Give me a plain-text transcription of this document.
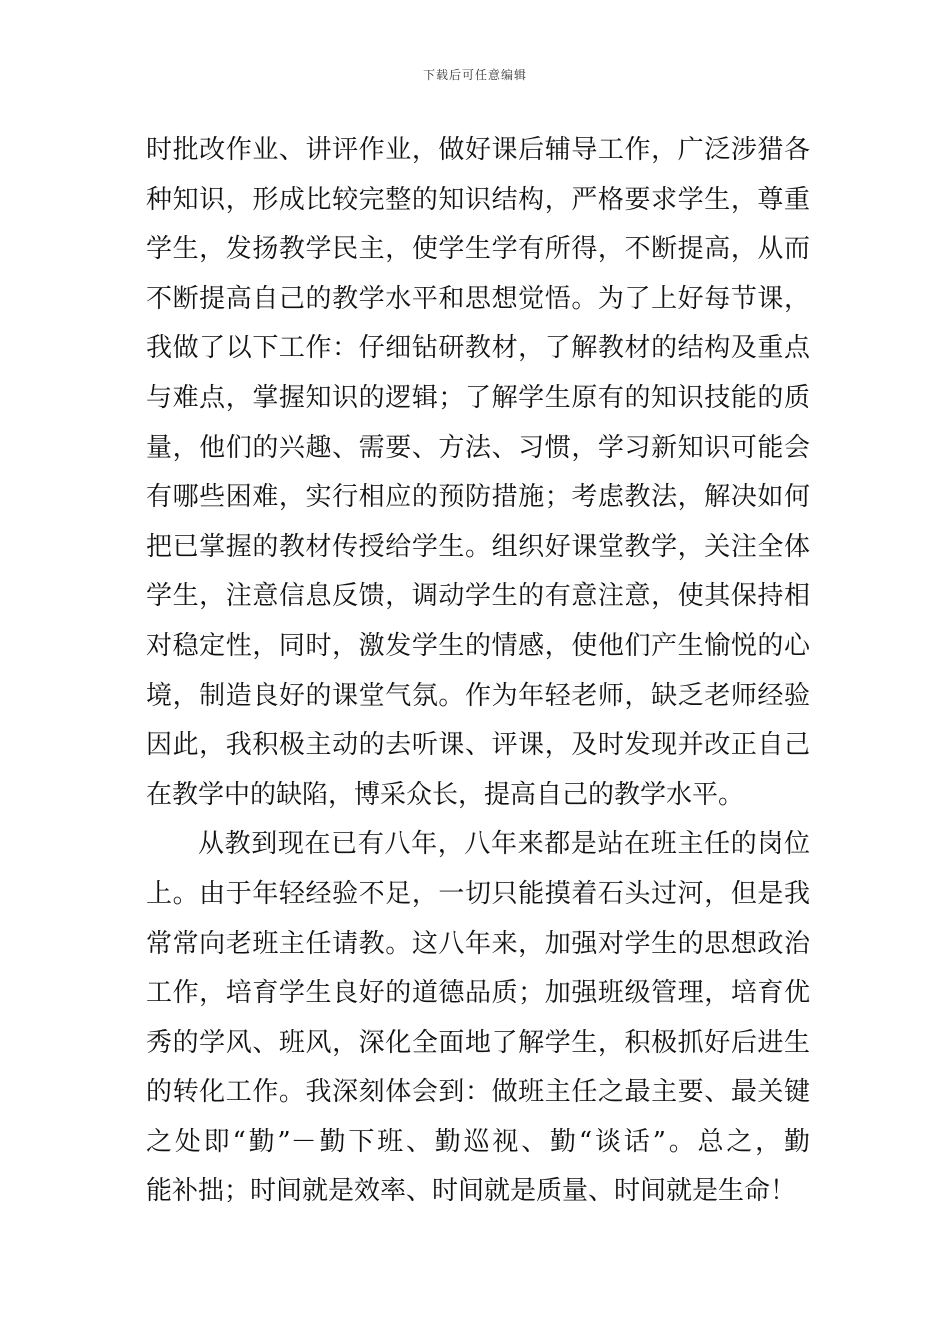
下载后可任意编辑
时批改作业、讲评作业，做好课后辅导工作，广泛涉猎各
种知识，形成比较完整的知识结构，严格要求学生，尊重
学生，发扬教学民主，使学生学有所得，不断提高，从而
不断提高自己的教学水平和思想觉悟。为了上好每节课，
我做了以下工作：仔细钻研教材，了解教材的结构及重点
与难点，掌握知识的逻辑；了解学生原有的知识技能的质
量，他们的兴趣、需要、方法、习惯，学习新知识可能会
有哪些困难，实行相应的预防措施；考虑教法，解决如何
把已掌握的教材传授给学生。组织好课堂教学，关注全体
学生，注意信息反馈，调动学生的有意注意，使其保持相
对稳定性，同时，激发学生的情感，使他们产生愉悦的心
境，制造良好的课堂气氛。作为年轻老师，缺乏老师经验
因此，我积极主动的去听课、评课，及时发现并改正自己
在教学中的缺陷，博采众长，提高自己的教学水平。
从教到现在已有八年，八年来都是站在班主任的岗位
上。由于年轻经验不足，一切只能摸着石头过河，但是我
常常向老班主任请教。这八年来，加强对学生的思想政治
工作，培育学生良好的道德品质；加强班级管理，培育优
秀的学风、班风，深化全面地了解学生，积极抓好后进生
的转化工作。我深刻体会到：做班主任之最主要、最关键
之处即“勤”－勤下班、勤巡视、勤“谈话”。总之，勤
能补拙；时间就是效率、时间就是质量、时间就是生命！
